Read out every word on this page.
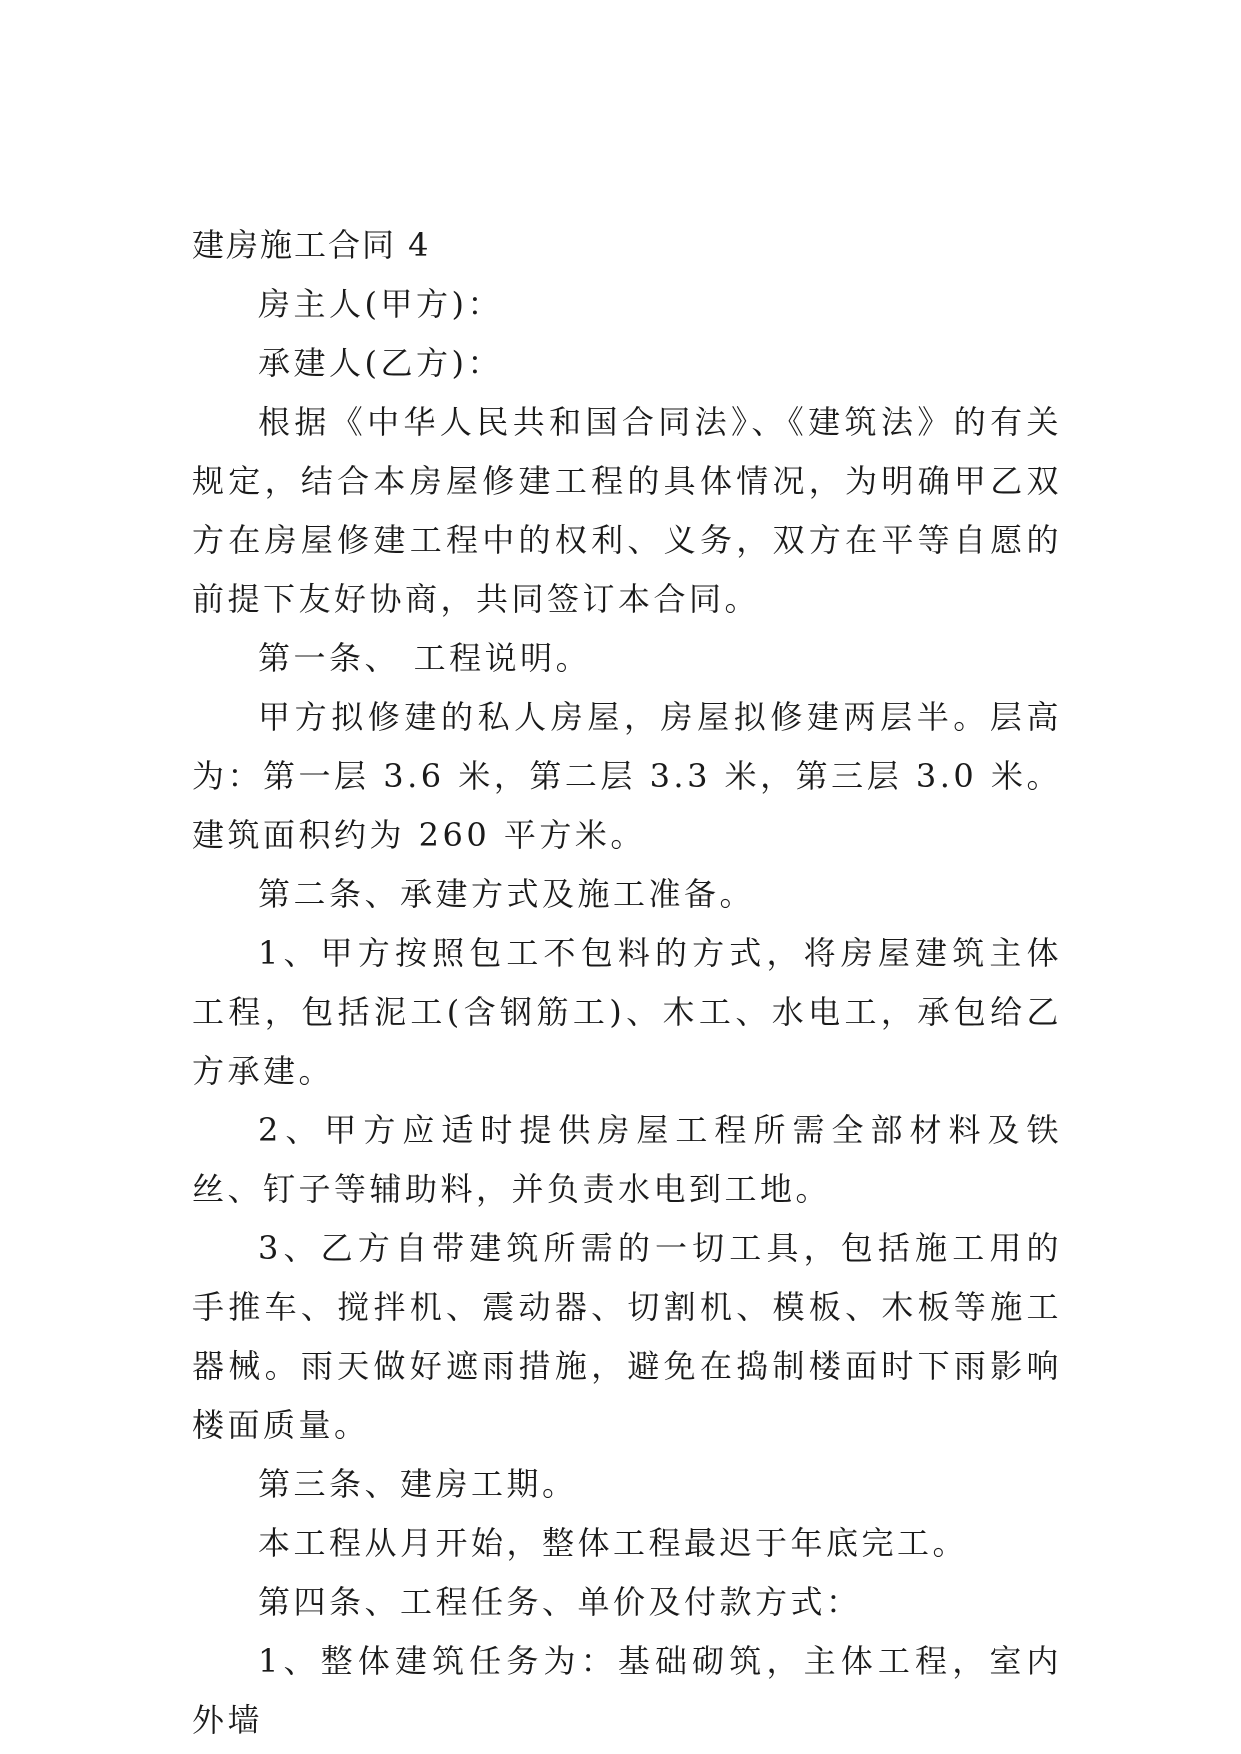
建房施工合同 4

房主人(甲方)：

承建人(乙方)：

根据《中华人民共和国合同法》、《建筑法》的有关规定，结合本房屋修建工程的具体情况，为明确甲乙双方在房屋修建工程中的权利、义务，双方在平等自愿的前提下友好协商，共同签订本合同。

第一条、 工程说明。

甲方拟修建的私人房屋，房屋拟修建两层半。层高为：第一层 3.6 米，第二层 3.3 米，第三层 3.0 米。建筑面积约为 260 平方米。

第二条、承建方式及施工准备。

1、甲方按照包工不包料的方式，将房屋建筑主体工程，包括泥工(含钢筋工)、木工、水电工，承包给乙方承建。

2、甲方应适时提供房屋工程所需全部材料及铁丝、钉子等辅助料，并负责水电到工地。

3、乙方自带建筑所需的一切工具，包括施工用的手推车、搅拌机、震动器、切割机、模板、木板等施工器械。雨天做好遮雨措施，避免在捣制楼面时下雨影响楼面质量。

第三条、建房工期。

本工程从月开始，整体工程最迟于年底完工。

第四条、工程任务、单价及付款方式：

1、整体建筑任务为：基础砌筑，主体工程，室内外墙
